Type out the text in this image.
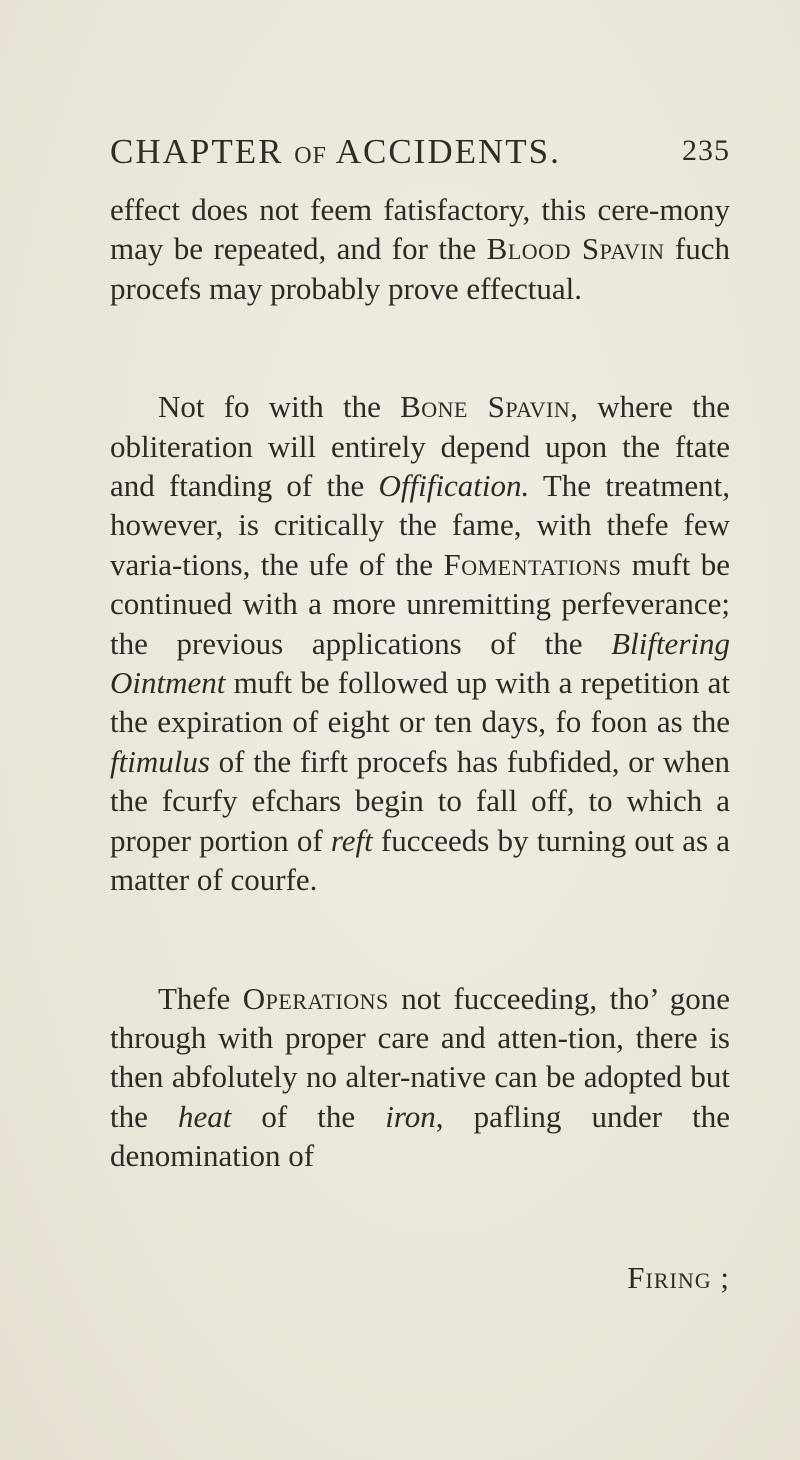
CHAPTER OF ACCIDENTS.	235

effect does not feem fatisfactory, this cere-mony may be repeated, and for the Blood Spavin fuch procefs may probably prove effectual.

Not fo with the Bone Spavin, where the obliteration will entirely depend upon the ftate and ftanding of the Offification. The treatment, however, is critically the fame, with thefe few varia-tions, the ufe of the Fomentations muft be continued with a more unremitting perfeverance; the previous applications of the Bliftering Ointment muft be followed up with a repetition at the expiration of eight or ten days, fo foon as the ftimulus of the firft procefs has fubfided, or when the fcurfy efchars begin to fall off, to which a proper portion of reft fucceeds by turning out as a matter of courfe.

Thefe Operations not fucceeding, tho’ gone through with proper care and atten-tion, there is then abfolutely no alter-native can be adopted but the heat of the iron, pafling under the denomination of

Firing ;
